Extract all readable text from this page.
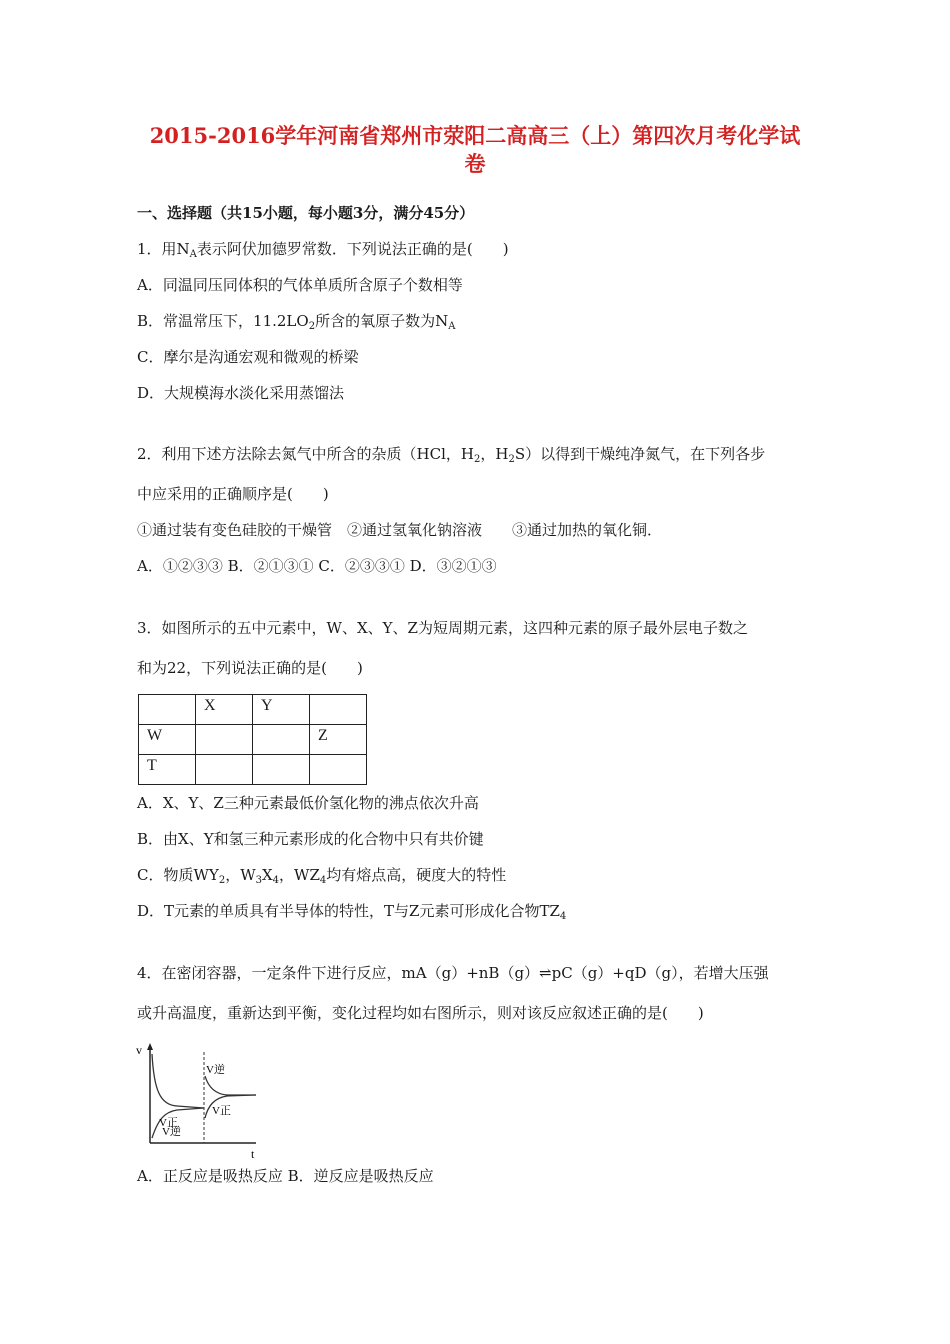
2015-2016学年河南省郑州市荥阳二高高三（上）第四次月考化学试
卷
一、选择题（共15小题，每小题3分，满分45分）
1．用$N_A$表示阿伏加德罗常数．下列说法正确的是(　　)
A．同温同压同体积的气体单质所含原子个数相等
B．常温常压下，$11.2LO_2$所含的氧原子数为$N_A$
C．摩尔是沟通宏观和微观的桥梁
D．大规模海水淡化采用蒸馏法
2．利用下述方法除去氮气中所含的杂质（HCl，$H_2$，$H_2S$）以得到干燥纯净氮气，在下列各步
中应采用的正确顺序是(　　)
①通过装有变色硅胶的干燥管　②通过氢氧化钠溶液　　③通过加热的氧化铜．
A．①②③③ B．②①③① C．②③③① D．③②①③
3．如图所示的五中元素中，W、X、Y、Z为短周期元素，这四种元素的原子最外层电子数之
和为22，下列说法正确的是(　　)
	X	Y	
W			Z
T			
A．X、Y、Z三种元素最低价氢化物的沸点依次升高
B．由X、Y和氢三种元素形成的化合物中只有共价键
C．物质$WY_2$，$W_3X_4$，$WZ_4$均有熔点高，硬度大的特性
D．T元素的单质具有半导体的特性，T与Z元素可形成化合物$TZ_4$
4．在密闭容器，一定条件下进行反应，mA（g）+nB（g）⇌pC（g）+qD（g），若增大压强
或升高温度，重新达到平衡，变化过程均如右图所示，则对该反应叙述正确的是(　　)
v
t
V正
V逆
V逆
V正
A．正反应是吸热反应 B．逆反应是吸热反应
